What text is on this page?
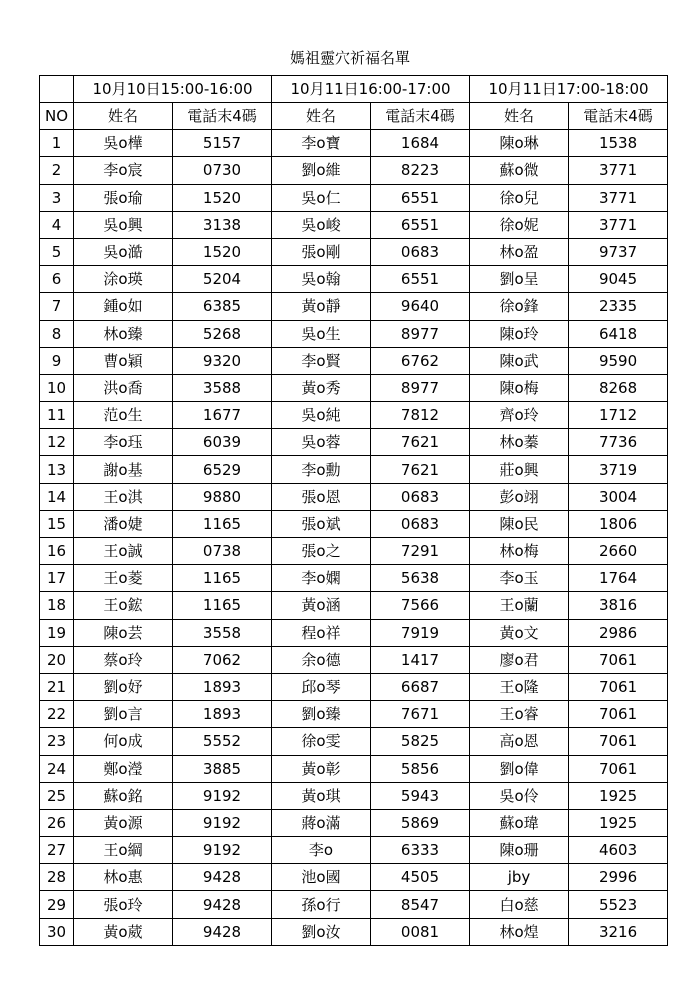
媽祖靈穴祈福名單
	10月10日15:00-16:00		10月11日16:00-17:00		10月11日17:00-18:00	
NO	姓名	電話末4碼	姓名	電話末4碼	姓名	電話末4碼
1	吳o樺	5157	李o寶	1684	陳o琳	1538
2	李o宸	0730	劉o維	8223	蘇o微	3771
3	張o瑜	1520	吳o仁	6551	徐o兒	3771
4	吳o興	3138	吳o峻	6551	徐o妮	3771
5	吳o澔	1520	張o剛	0683	林o盈	9737
6	涂o瑛	5204	吳o翰	6551	劉o呈	9045
7	鍾o如	6385	黃o靜	9640	徐o鋒	2335
8	林o臻	5268	吳o生	8977	陳o玲	6418
9	曹o穎	9320	李o賢	6762	陳o武	9590
10	洪o喬	3588	黃o秀	8977	陳o梅	8268
11	范o生	1677	吳o純	7812	齊o玲	1712
12	李o珏	6039	吳o蓉	7621	林o蓁	7736
13	謝o基	6529	李o勳	7621	莊o興	3719
14	王o淇	9880	張o恩	0683	彭o翊	3004
15	潘o婕	1165	張o斌	0683	陳o民	1806
16	王o誠	0738	張o之	7291	林o梅	2660
17	王o菱	1165	李o嫻	5638	李o玉	1764
18	王o鋐	1165	黃o涵	7566	王o蘭	3816
19	陳o芸	3558	程o祥	7919	黃o文	2986
20	蔡o玲	7062	余o德	1417	廖o君	7061
21	劉o妤	1893	邱o琴	6687	王o隆	7061
22	劉o言	1893	劉o臻	7671	王o睿	7061
23	何o成	5552	徐o雯	5825	高o恩	7061
24	鄭o瀅	3885	黃o彰	5856	劉o偉	7061
25	蘇o銘	9192	黃o琪	5943	吳o伶	1925
26	黃o源	9192	蔣o滿	5869	蘇o瑋	1925
27	王o綱	9192	李o	6333	陳o珊	4603
28	林o惠	9428	池o國	4505	jby	2996
29	張o玲	9428	孫o行	8547	白o慈	5523
30	黃o葳	9428	劉o汝	0081	林o煌	3216
